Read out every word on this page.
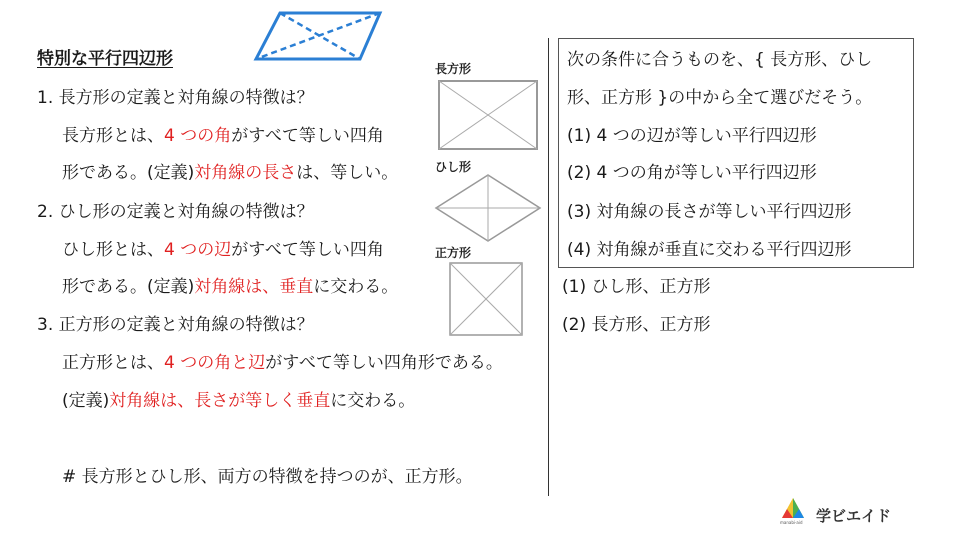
特別な平行四辺形
1. 長方形の定義と対角線の特徴は？
長方形とは、4 つの角がすべて等しい四角
形である。(定義)対角線の長さは、等しい。
2. ひし形の定義と対角線の特徴は？
ひし形とは、4 つの辺がすべて等しい四角
形である。(定義)対角線は、垂直に交わる。
3. 正方形の定義と対角線の特徴は？
正方形とは、4 つの角と辺がすべて等しい四角形である。
(定義)対角線は、長さが等しく垂直に交わる。
# 長方形とひし形、両方の特徴を持つのが、正方形。
長方形
ひし形
正方形
次の条件に合うものを、{ 長方形、ひし
形、正方形 }の中から全て選びだそう。
(1) 4 つの辺が等しい平行四辺形
(2) 4 つの角が等しい平行四辺形
(3) 対角線の長さが等しい平行四辺形
(4) 対角線が垂直に交わる平行四辺形
(1) ひし形、正方形
(2) 長方形、正方形
manabi-aid 学ビエイド
